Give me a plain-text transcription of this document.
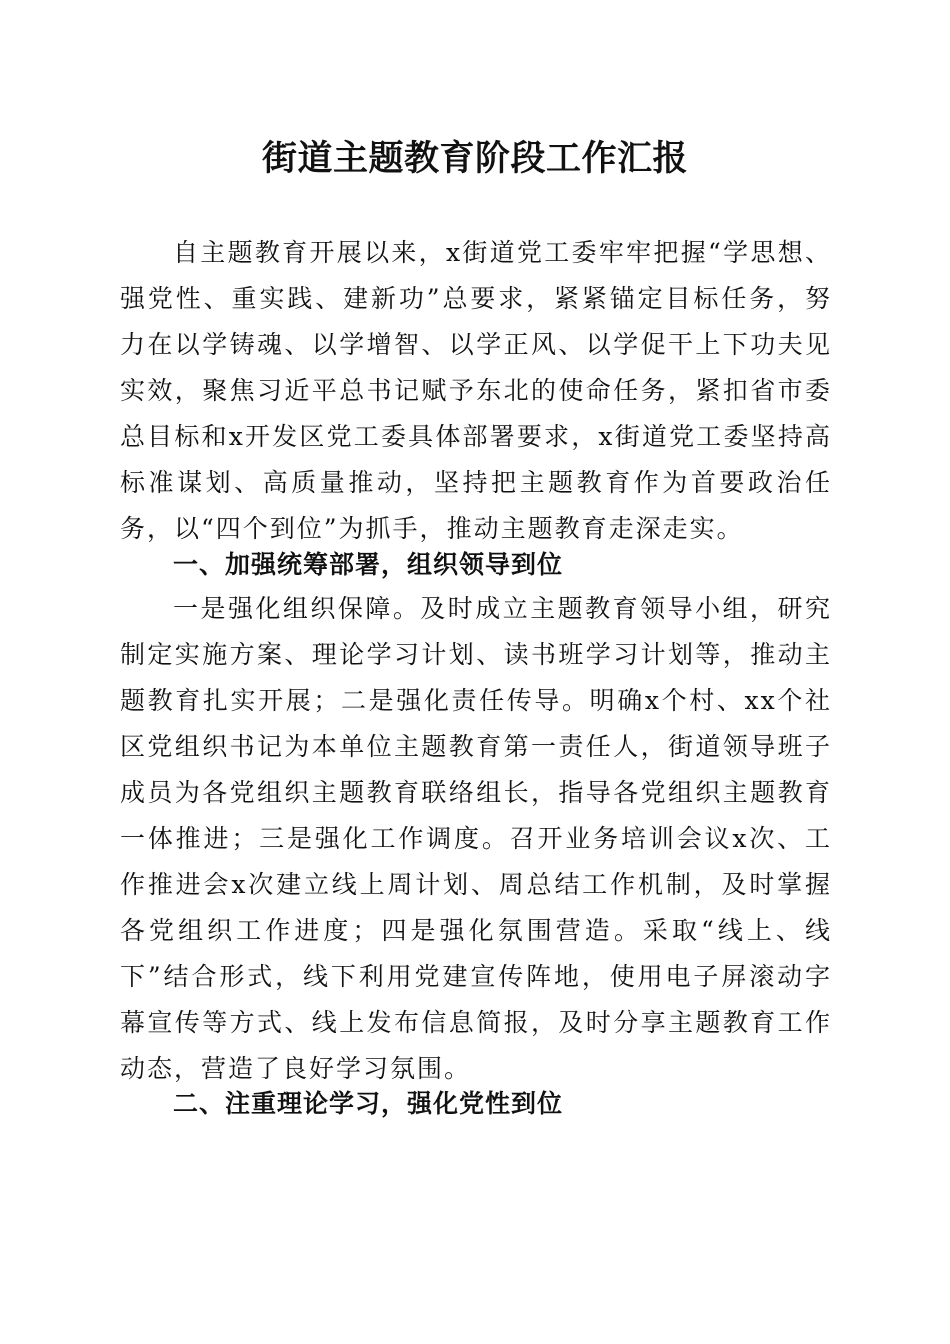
街道主题教育阶段工作汇报

自主题教育开展以来，x街道党工委牢牢把握“学思想、强党性、重实践、建新功”总要求，紧紧锚定目标任务，努力在以学铸魂、以学增智、以学正风、以学促干上下功夫见实效，聚焦习近平总书记赋予东北的使命任务，紧扣省市委总目标和x开发区党工委具体部署要求，x街道党工委坚持高标准谋划、高质量推动，坚持把主题教育作为首要政治任务，以“四个到位”为抓手，推动主题教育走深走实。

一、加强统筹部署，组织领导到位

一是强化组织保障。及时成立主题教育领导小组，研究制定实施方案、理论学习计划、读书班学习计划等，推动主题教育扎实开展；二是强化责任传导。明确x个村、xx个社区党组织书记为本单位主题教育第一责任人，街道领导班子成员为各党组织主题教育联络组长，指导各党组织主题教育一体推进；三是强化工作调度。召开业务培训会议x次、工作推进会x次建立线上周计划、周总结工作机制，及时掌握各党组织工作进度；四是强化氛围营造。采取“线上、线下”结合形式，线下利用党建宣传阵地，使用电子屏滚动字幕宣传等方式、线上发布信息简报，及时分享主题教育工作动态，营造了良好学习氛围。

二、注重理论学习，强化党性到位
